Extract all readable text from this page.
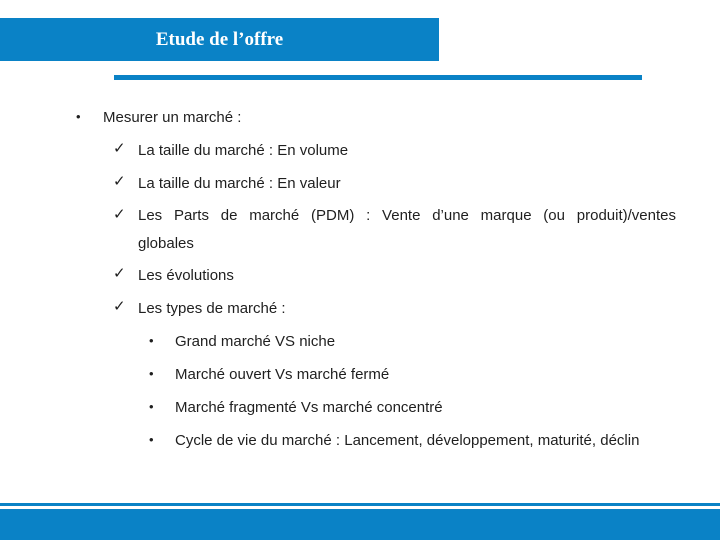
Etude de l’offre
• Mesurer un marché :
✓ La taille du marché : En volume
✓ La taille du marché : En valeur
✓ Les Parts de marché (PDM) : Vente d’une marque (ou produit)/ventes
globales
✓ Les évolutions
✓ Les types de marché :
• Grand marché VS niche
• Marché ouvert Vs marché fermé
• Marché fragmenté Vs marché concentré
• Cycle de vie du marché : Lancement, développement, maturité, déclin
